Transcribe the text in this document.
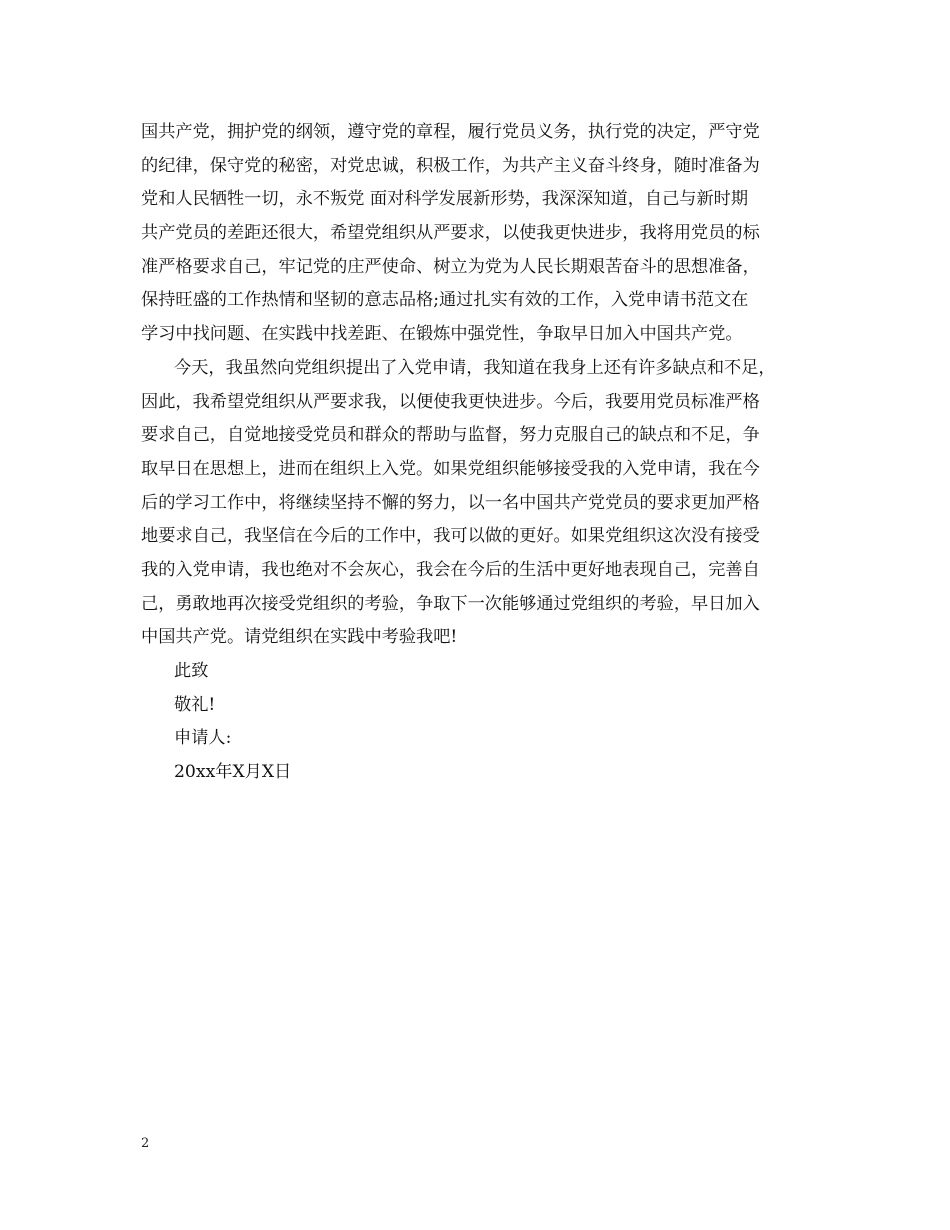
国共产党，拥护党的纲领，遵守党的章程，履行党员义务，执行党的决定，严守党
的纪律，保守党的秘密，对党忠诚，积极工作，为共产主义奋斗终身，随时准备为
党和人民牺牲一切，永不叛党 面对科学发展新形势，我深深知道，自己与新时期
共产党员的差距还很大，希望党组织从严要求，以使我更快进步，我将用党员的标
准严格要求自己，牢记党的庄严使命、树立为党为人民长期艰苦奋斗的思想准备，
保持旺盛的工作热情和坚韧的意志品格;通过扎实有效的工作，入党申请书范文在
学习中找问题、在实践中找差距、在锻炼中强党性，争取早日加入中国共产党。
今天，我虽然向党组织提出了入党申请，我知道在我身上还有许多缺点和不足，
因此，我希望党组织从严要求我，以便使我更快进步。今后，我要用党员标准严格
要求自己，自觉地接受党员和群众的帮助与监督，努力克服自己的缺点和不足，争
取早日在思想上，进而在组织上入党。如果党组织能够接受我的入党申请，我在今
后的学习工作中，将继续坚持不懈的努力，以一名中国共产党党员的要求更加严格
地要求自己，我坚信在今后的工作中，我可以做的更好。如果党组织这次没有接受
我的入党申请，我也绝对不会灰心，我会在今后的生活中更好地表现自己，完善自
己，勇敢地再次接受党组织的考验，争取下一次能够通过党组织的考验，早日加入
中国共产党。请党组织在实践中考验我吧!
此致
敬礼!
申请人:
20xx年X月X日
2
